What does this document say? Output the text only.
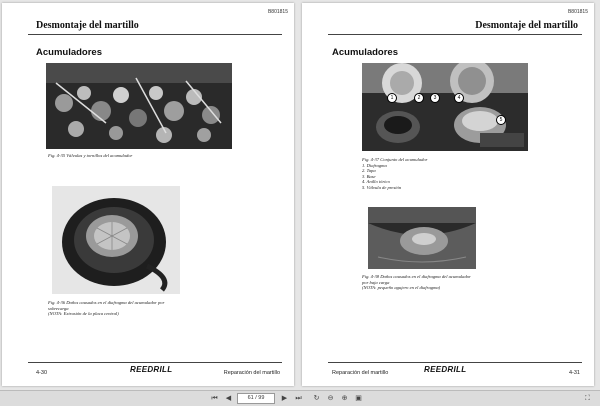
B801815
Desmontaje del martillo
Acumuladores
Fig. 4-35 Válvulas y tornillos del acumulador
Fig. 4-36 Daños causados en el diafragma del acumulador por
sobrecarga
(NOTA: Extrusión de la placa central)
4-30	REEDRILL	Reparación del martillo
B801815
Desmontaje del martillo
Acumuladores
1	2	3	4
5
Fig. 4-37 Conjunto del acumulador
1. Diafragma
2. Tapa
3. Base
4. Anillo tórico
5. Válvula de presión
Fig. 4-38 Daños causados en el diafragma del acumulador
por baja carga
(NOTA: pequeño agujero en el diafragma)
Reparación del martillo	REEDRILL	4-31
⏮ ◀	61 / 99	▶ ⏭ ↻ ⊖ ⊕ ▣	⛶
